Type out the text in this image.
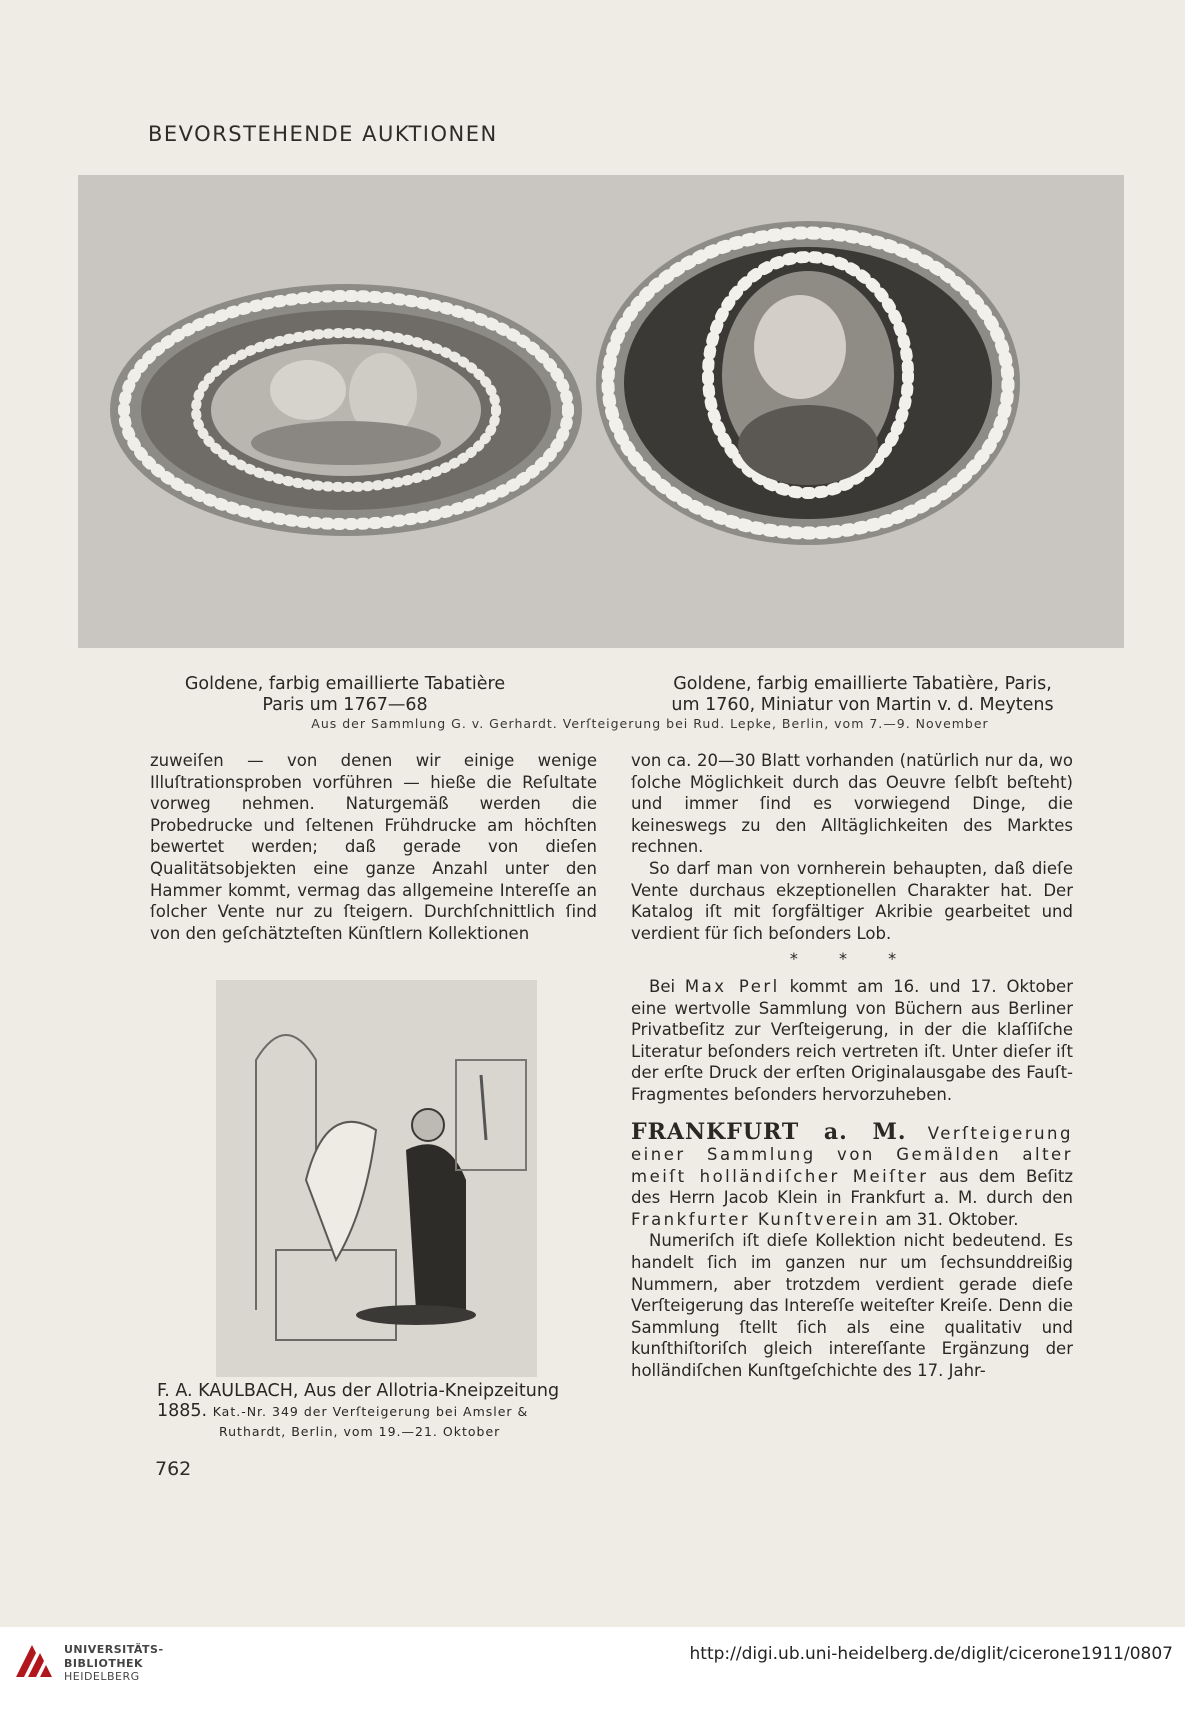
BEVORSTEHENDE AUKTIONEN
Goldene, farbig emaillierte Tabatière
Paris um 1767—68
Goldene, farbig emaillierte Tabatière, Paris,
um 1760, Miniatur von Martin v. d. Meytens
Aus der Sammlung G. v. Gerhardt. Verſteigerung bei Rud. Lepke, Berlin, vom 7.—9. November

zuweiſen — von denen wir einige wenige Illuſtrationsproben vorführen — hieße die Reſultate vorweg nehmen. Naturgemäß werden die Probedrucke und ſeltenen Frühdrucke am höchſten bewertet werden; daß gerade von dieſen Qualitätsobjekten eine ganze Anzahl unter den Hammer kommt, vermag das allgemeine Intereſſe an ſolcher Vente nur zu ſteigern. Durchſchnittlich ſind von den geſchätzteſten Künſtlern Kollektionen

F. A. KAULBACH, Aus der Allotria-Kneipzeitung
1885. Kat.-Nr. 349 der Verſteigerung bei Amsler &
Ruthardt, Berlin, vom 19.—21. Oktober

von ca. 20—30 Blatt vorhanden (natürlich nur da, wo ſolche Möglichkeit durch das Oeuvre ſelbſt beſteht) und immer ſind es vorwiegend Dinge, die keineswegs zu den Alltäglichkeiten des Marktes rechnen.

So darf man von vornherein behaupten, daß dieſe Vente durchaus ekzeptionellen Charakter hat. Der Katalog iſt mit ſorgfältiger Akribie gearbeitet und verdient für ſich beſonders Lob.

* * *

Bei Max Perl kommt am 16. und 17. Oktober eine wertvolle Sammlung von Büchern aus Berliner Privatbeſitz zur Verſteigerung, in der die klaſſiſche Literatur beſonders reich vertreten iſt. Unter dieſer iſt der erſte Druck der erſten Originalausgabe des Fauſt-Fragmentes beſonders hervorzuheben.

FRANKFURT a. M. Verſteigerung einer Sammlung von Gemälden alter meiſt holländiſcher Meiſter aus dem Beſitz des Herrn Jacob Klein in Frankfurt a. M. durch den Frankfurter Kunſtverein am 31. Oktober.

Numeriſch iſt dieſe Kollektion nicht bedeutend. Es handelt ſich im ganzen nur um ſechsunddreißig Nummern, aber trotzdem verdient gerade dieſe Verſteigerung das Intereſſe weiteſter Kreiſe. Denn die Sammlung ſtellt ſich als eine qualitativ und kunſthiſtoriſch gleich intereſſante Ergänzung der holländiſchen Kunſtgeſchichte des 17. Jahr-

762
UNIVERSITÄTS-
BIBLIOTHEK
HEIDELBERG
http://digi.ub.uni-heidelberg.de/diglit/cicerone1911/0807
